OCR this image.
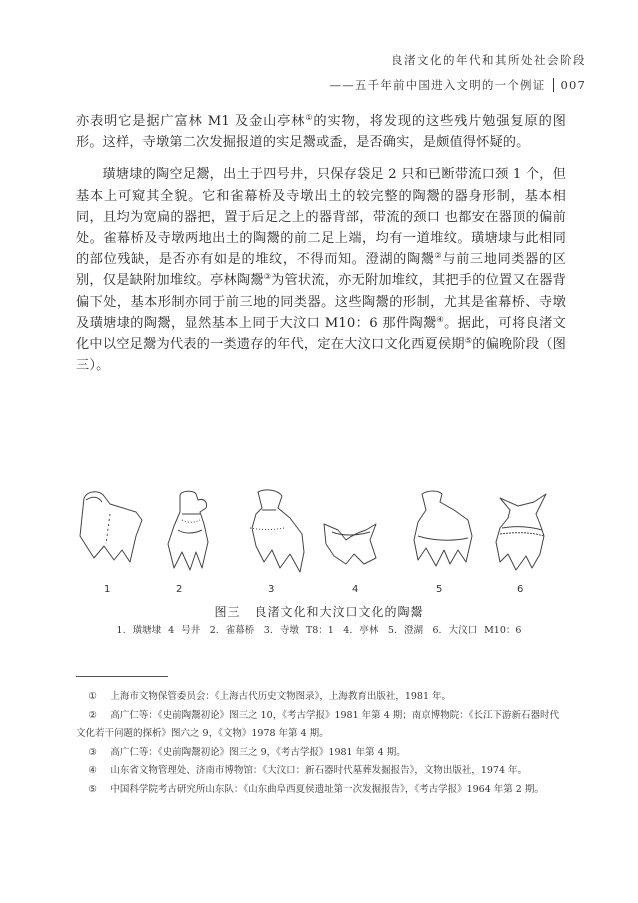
良渚文化的年代和其所处社会阶段
——五千年前中国进入文明的一个例证 007

亦表明它是据广富林 M1 及金山亭林①的实物，将发现的这些残片勉强复原的图形。这样，寺墩第二次发掘报道的实足鬶或盉，是否确实，是颇值得怀疑的。

璜塘埭的陶空足鬶，出土于四号井，只保存袋足 2 只和已断带流口颈 1 个，但基本上可窥其全貌。它和雀幕桥及寺墩出土的较完整的陶鬶的器身形制，基本相同，且均为宽扁的器把，置于后足之上的器背部，带流的颈口 也都安在器顶的偏前处。雀幕桥及寺墩两地出土的陶鬶的前二足上端，均有一道堆纹。璜塘埭与此相同的部位残缺，是否亦有如是的堆纹，不得而知。澄湖的陶鬶②与前三地同类器的区别，仅是缺附加堆纹。亭林陶鬶③为管状流，亦无附加堆纹，其把手的位置又在器背偏下处，基本形制亦同于前三地的同类器。这些陶鬶的形制，尤其是雀幕桥、寺墩及璜塘埭的陶鬶，显然基本上同于大汶口 M10：6 那件陶鬶④。据此，可将良渚文化中以空足鬶为代表的一类遗存的年代，定在大汶口文化西夏侯期⑤的偏晚阶段（图三）。

1	2	3	4	5	6
图三 良渚文化和大汶口文化的陶鬶
1. 璜塘埭 4 号井　2. 雀幕桥　3. 寺墩 T8：1　4. 亭林　5. 澄湖　6. 大汶口 M10：6

① 上海市文物保管委员会：《上海古代历史文物图录》，上海教育出版社，1981 年。

② 高广仁等：《史前陶鬶初论》图三之 10，《考古学报》1981 年第 4 期；南京博物院：《长江下游新石器时代文化若干问题的探析》图六之 9，《文物》1978 年第 4 期。

③ 高广仁等：《史前陶鬶初论》图三之 9，《考古学报》1981 年第 4 期。

④ 山东省文物管理处、济南市博物馆：《大汶口：新石器时代墓葬发掘报告》，文物出版社，1974 年。

⑤ 中国科学院考古研究所山东队：《山东曲阜西夏侯遗址第一次发掘报告》，《考古学报》1964 年第 2 期。
